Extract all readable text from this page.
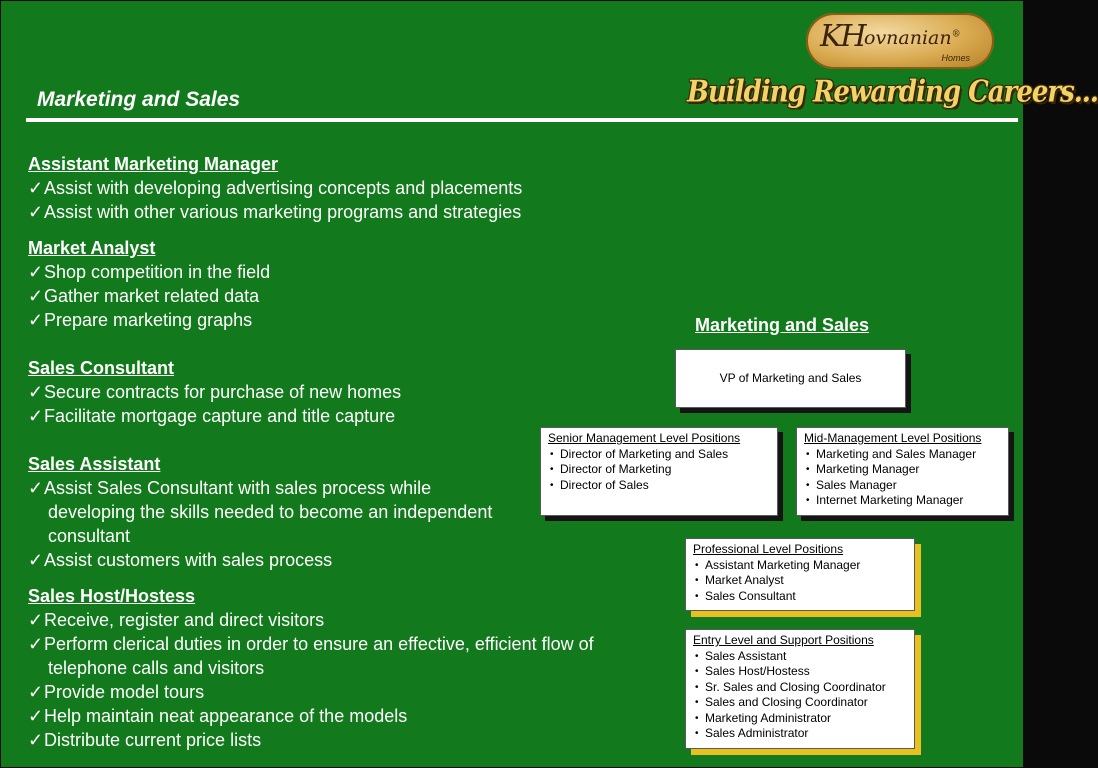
KH ovnanian®
Homes
Building Rewarding Careers...
Marketing and Sales
Assistant Marketing Manager
✓Assist with developing advertising concepts and placements
✓Assist with other various marketing programs and strategies
Market Analyst
✓Shop competition in the field
✓Gather market related data
✓Prepare marketing graphs
Sales Consultant
✓Secure contracts for purchase of new homes
✓Facilitate mortgage capture and title capture
Sales Assistant
✓Assist Sales Consultant with sales process while developing the skills needed to become an independent consultant
✓Assist customers with sales process
Sales Host/Hostess
✓Receive, register and direct visitors
✓Perform clerical duties in order to ensure an effective, efficient flow of telephone calls and visitors
✓Provide model tours
✓Help maintain neat appearance of the models
✓Distribute current price lists
Marketing and Sales
VP of Marketing and Sales
Senior Management Level Positions
• Director of Marketing and Sales
• Director of Marketing
• Director of Sales
Mid-Management Level Positions
• Marketing and Sales Manager
• Marketing Manager
• Sales Manager
• Internet Marketing Manager
Professional Level Positions
• Assistant Marketing Manager
• Market Analyst
• Sales Consultant
Entry Level and Support Positions
• Sales Assistant
• Sales Host/Hostess
• Sr. Sales and Closing Coordinator
• Sales and Closing Coordinator
• Marketing Administrator
• Sales Administrator
